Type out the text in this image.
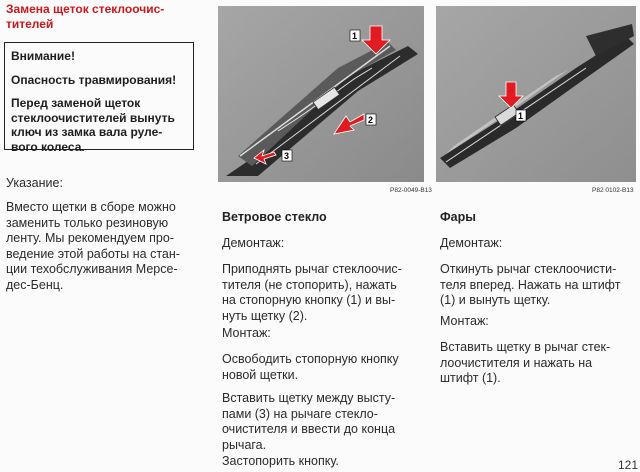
Замена щеток стеклоочис-
тителей
Внимание!
Опасность травмирования!
Перед заменой щеток
стеклоочистителей вынуть
ключ из замка вала руле-
вого колеса.
Указание:
Вместо щетки в сборе можно
заменить только резиновую
ленту. Мы рекомендуем про-
ведение этой работы на стан-
ции техобслуживания Мерсе-
дес-Бенц.
1
2
3
P82-0049-B13
1
P82 0102-B13
Ветровое стекло
Демонтаж:
Приподнять рычаг стеклоочис-
тителя (не стопорить), нажать
на стопорную кнопку (1) и вы-
нуть щетку (2).
Монтаж:
Освободить стопорную кнопку
новой щетки.
Вставить щетку между высту-
пами (3) на рычаге стекло-
очистителя и ввести до конца
рычага.
Застопорить кнопку.
Фары
Демонтаж:
Откинуть рычаг стеклоочисти-
теля вперед. Нажать на штифт
(1) и вынуть щетку.
Монтаж:
Вставить щетку в рычаг стек-
лоочистителя и нажать на
штифт (1).
121
